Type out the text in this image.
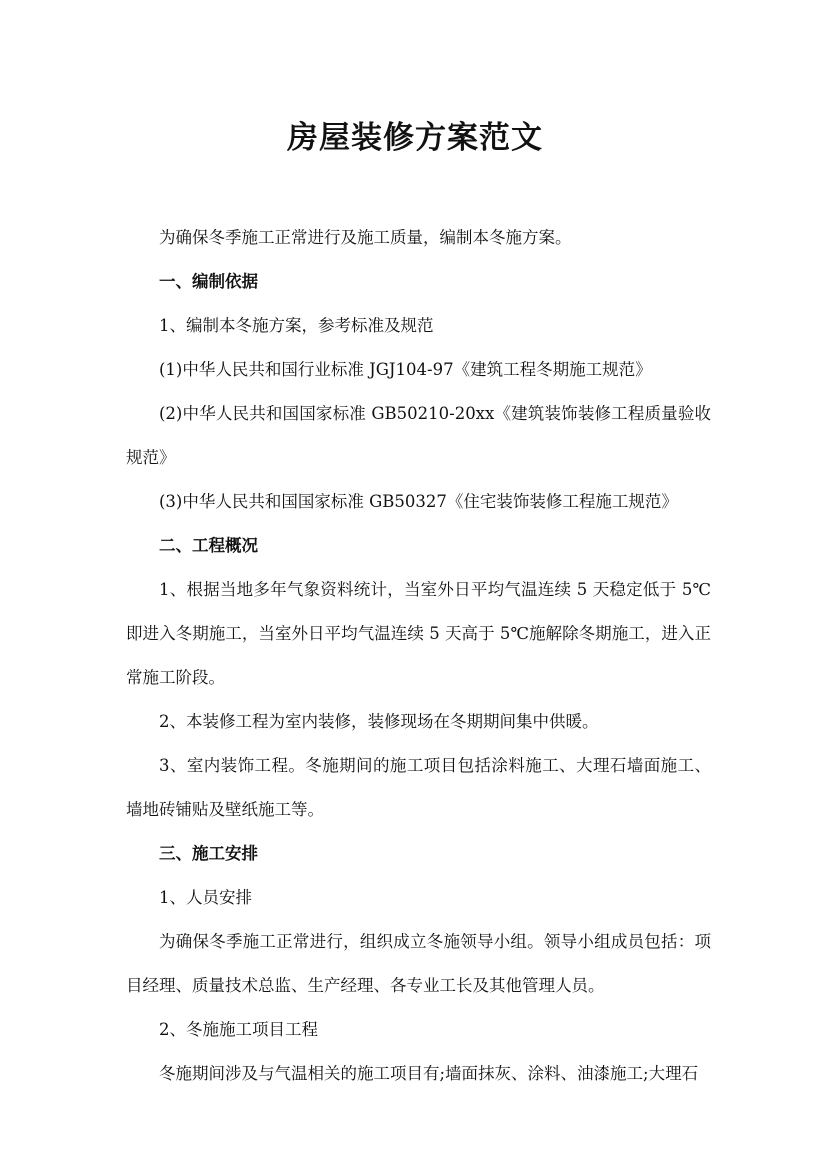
房屋装修方案范文

为确保冬季施工正常进行及施工质量，编制本冬施方案。

一、编制依据

1、编制本冬施方案，参考标准及规范

(1)中华人民共和国行业标准 JGJ104-97《建筑工程冬期施工规范》

(2)中华人民共和国国家标准 GB50210-20xx《建筑装饰装修工程质量验收规范》

(3)中华人民共和国国家标准 GB50327《住宅装饰装修工程施工规范》

二、工程概况

1、根据当地多年气象资料统计，当室外日平均气温连续 5 天稳定低于 5℃即进入冬期施工，当室外日平均气温连续 5 天高于 5℃施解除冬期施工，进入正常施工阶段。

2、本装修工程为室内装修，装修现场在冬期期间集中供暖。

3、室内装饰工程。冬施期间的施工项目包括涂料施工、大理石墙面施工、墙地砖铺贴及壁纸施工等。

三、施工安排

1、人员安排

为确保冬季施工正常进行，组织成立冬施领导小组。领导小组成员包括：项目经理、质量技术总监、生产经理、各专业工长及其他管理人员。

2、冬施施工项目工程

冬施期间涉及与气温相关的施工项目有;墙面抹灰、涂料、油漆施工;大理石
